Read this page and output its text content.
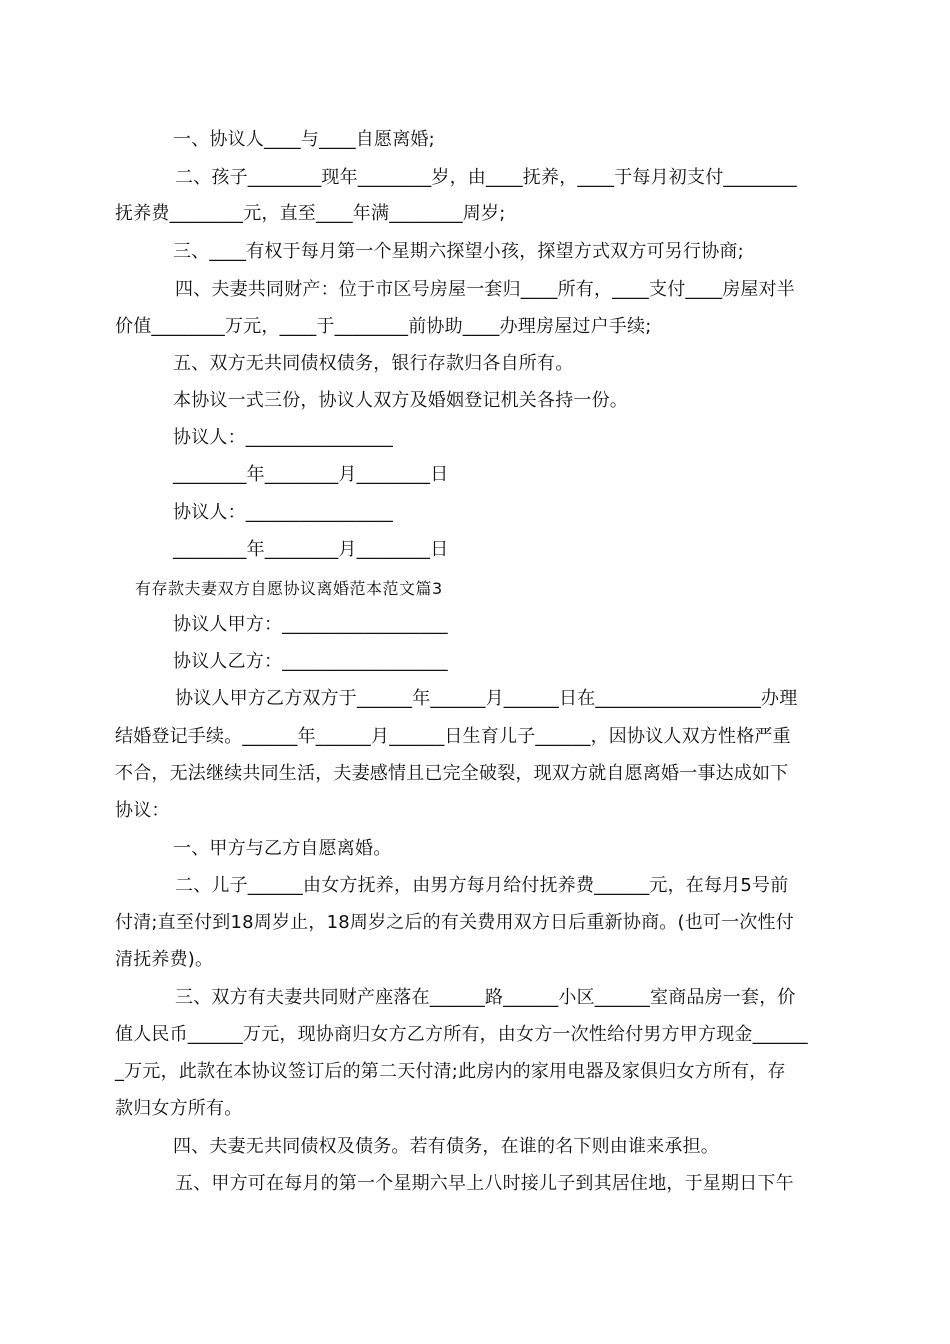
一、协议人____与____自愿离婚;
二、孩子________现年________岁，由____抚养，____于每月初支付________
抚养费________元，直至____年满________周岁;
三、____有权于每月第一个星期六探望小孩，探望方式双方可另行协商;
四、夫妻共同财产：位于市区号房屋一套归____所有，____支付____房屋对半
价值________万元，____于________前协助____办理房屋过户手续;
五、双方无共同债权债务，银行存款归各自所有。
本协议一式三份，协议人双方及婚姻登记机关各持一份。
协议人：________________
________年________月________日
协议人：________________
________年________月________日
有存款夫妻双方自愿协议离婚范本范文篇3
协议人甲方：__________________
协议人乙方：__________________
协议人甲方乙方双方于______年______月______日在__________________办理
结婚登记手续。______年______月______日生育儿子______，因协议人双方性格严重
不合，无法继续共同生活，夫妻感情且已完全破裂，现双方就自愿离婚一事达成如下
协议：
一、甲方与乙方自愿离婚。
二、儿子______由女方抚养，由男方每月给付抚养费______元，在每月5号前
付清;直至付到18周岁止，18周岁之后的有关费用双方日后重新协商。(也可一次性付
清抚养费)。
三、双方有夫妻共同财产座落在______路______小区______室商品房一套，价
值人民币______万元，现协商归女方乙方所有，由女方一次性给付男方甲方现金______
_万元，此款在本协议签订后的第二天付清;此房内的家用电器及家俱归女方所有，存
款归女方所有。
四、夫妻无共同债权及债务。若有债务，在谁的名下则由谁来承担。
五、甲方可在每月的第一个星期六早上八时接儿子到其居住地，于星期日下午
